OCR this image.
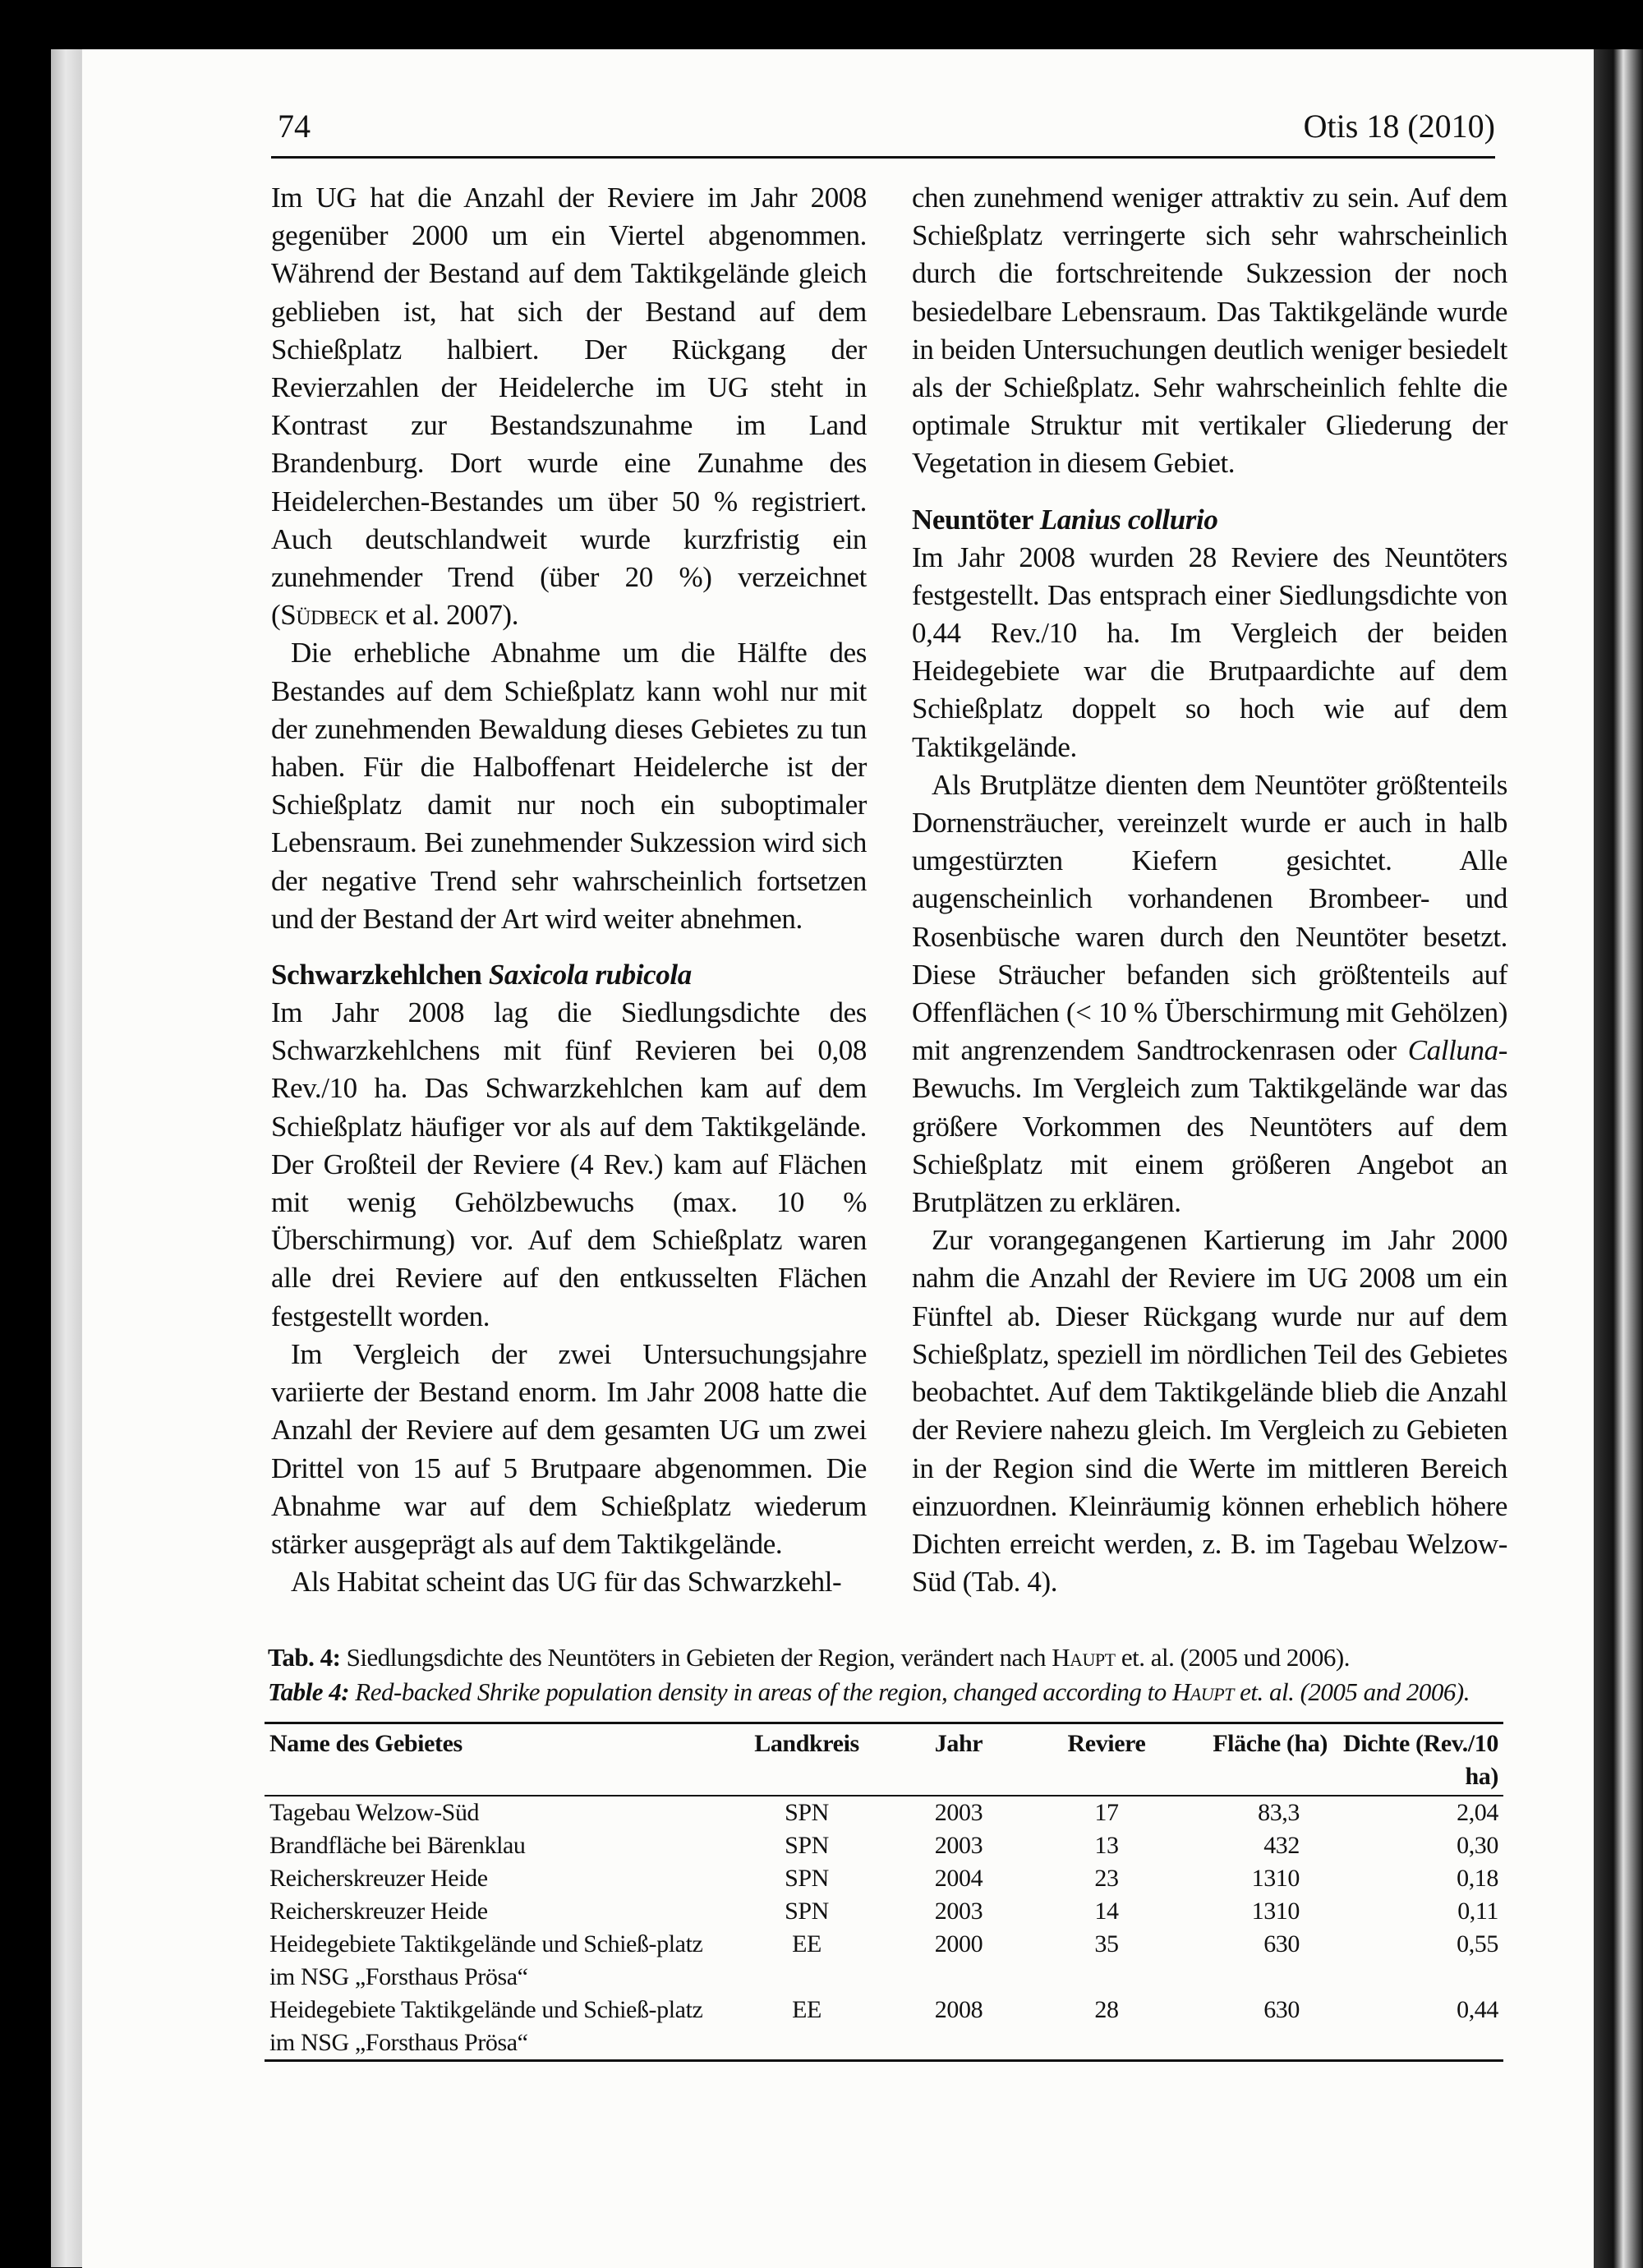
74	Otis 18 (2010)

Im UG hat die Anzahl der Reviere im Jahr 2008 gegenüber 2000 um ein Viertel abgenommen. Während der Bestand auf dem Taktikgelände gleich geblieben ist, hat sich der Bestand auf dem Schießplatz halbiert. Der Rückgang der Revierzahlen der Heidelerche im UG steht in Kontrast zur Bestandszunahme im Land Brandenburg. Dort wurde eine Zunahme des Heidelerchen-Bestandes um über 50 % registriert. Auch deutschlandweit wurde kurzfristig ein zunehmender Trend (über 20 %) verzeichnet (Südbeck et al. 2007).

Die erhebliche Abnahme um die Hälfte des Bestandes auf dem Schießplatz kann wohl nur mit der zunehmenden Bewaldung dieses Gebietes zu tun haben. Für die Halboffenart Heidelerche ist der Schießplatz damit nur noch ein suboptimaler Lebensraum. Bei zunehmender Sukzession wird sich der negative Trend sehr wahrscheinlich fortsetzen und der Bestand der Art wird weiter abnehmen.

Schwarzkehlchen Saxicola rubicola

Im Jahr 2008 lag die Siedlungsdichte des Schwarzkehlchens mit fünf Revieren bei 0,08 Rev./10 ha. Das Schwarzkehlchen kam auf dem Schießplatz häufiger vor als auf dem Taktikgelände. Der Großteil der Reviere (4 Rev.) kam auf Flächen mit wenig Gehölzbewuchs (max. 10 % Überschirmung) vor. Auf dem Schießplatz waren alle drei Reviere auf den entkusselten Flächen festgestellt worden.

Im Vergleich der zwei Untersuchungsjahre variierte der Bestand enorm. Im Jahr 2008 hatte die Anzahl der Reviere auf dem gesamten UG um zwei Drittel von 15 auf 5 Brutpaare abgenommen. Die Abnahme war auf dem Schießplatz wiederum stärker ausgeprägt als auf dem Taktikgelände.

Als Habitat scheint das UG für das Schwarzkehl-

chen zunehmend weniger attraktiv zu sein. Auf dem Schießplatz verringerte sich sehr wahrscheinlich durch die fortschreitende Sukzession der noch besiedelbare Lebensraum. Das Taktikgelände wurde in beiden Untersuchungen deutlich weniger besiedelt als der Schießplatz. Sehr wahrscheinlich fehlte die optimale Struktur mit vertikaler Gliederung der Vegetation in diesem Gebiet.

Neuntöter Lanius collurio

Im Jahr 2008 wurden 28 Reviere des Neuntöters festgestellt. Das entsprach einer Siedlungsdichte von 0,44 Rev./10 ha. Im Vergleich der beiden Heidegebiete war die Brutpaardichte auf dem Schießplatz doppelt so hoch wie auf dem Taktikgelände.

Als Brutplätze dienten dem Neuntöter größtenteils Dornensträucher, vereinzelt wurde er auch in halb umgestürzten Kiefern gesichtet. Alle augenscheinlich vorhandenen Brombeer- und Rosenbüsche waren durch den Neuntöter besetzt. Diese Sträucher befanden sich größtenteils auf Offenflächen (< 10 % Überschirmung mit Gehölzen) mit angrenzendem Sandtrockenrasen oder Calluna-Bewuchs. Im Vergleich zum Taktikgelände war das größere Vorkommen des Neuntöters auf dem Schießplatz mit einem größeren Angebot an Brutplätzen zu erklären.

Zur vorangegangenen Kartierung im Jahr 2000 nahm die Anzahl der Reviere im UG 2008 um ein Fünftel ab. Dieser Rückgang wurde nur auf dem Schießplatz, speziell im nördlichen Teil des Gebietes beobachtet. Auf dem Taktikgelände blieb die Anzahl der Reviere nahezu gleich. Im Vergleich zu Gebieten in der Region sind die Werte im mittleren Bereich einzuordnen. Kleinräumig können erheblich höhere Dichten erreicht werden, z. B. im Tagebau Welzow-Süd (Tab. 4).

Tab. 4: Siedlungsdichte des Neuntöters in Gebieten der Region, verändert nach Haupt et. al. (2005 und 2006).
Table 4: Red-backed Shrike population density in areas of the region, changed according to Haupt et. al. (2005 and 2006).
Name des Gebietes	Landkreis	Jahr	Reviere	Fläche (ha)	Dichte (Rev./10 ha)
Tagebau Welzow-Süd	SPN	2003	17	83,3	2,04
Brandfläche bei Bärenklau	SPN	2003	13	432	0,30
Reicherskreuzer Heide	SPN	2004	23	1310	0,18
Reicherskreuzer Heide	SPN	2003	14	1310	0,11
Heidegebiete Taktikgelände und Schieß-platz im NSG „Forsthaus Prösa“	EE	2000	35	630	0,55
Heidegebiete Taktikgelände und Schieß-platz im NSG „Forsthaus Prösa“	EE	2008	28	630	0,44
